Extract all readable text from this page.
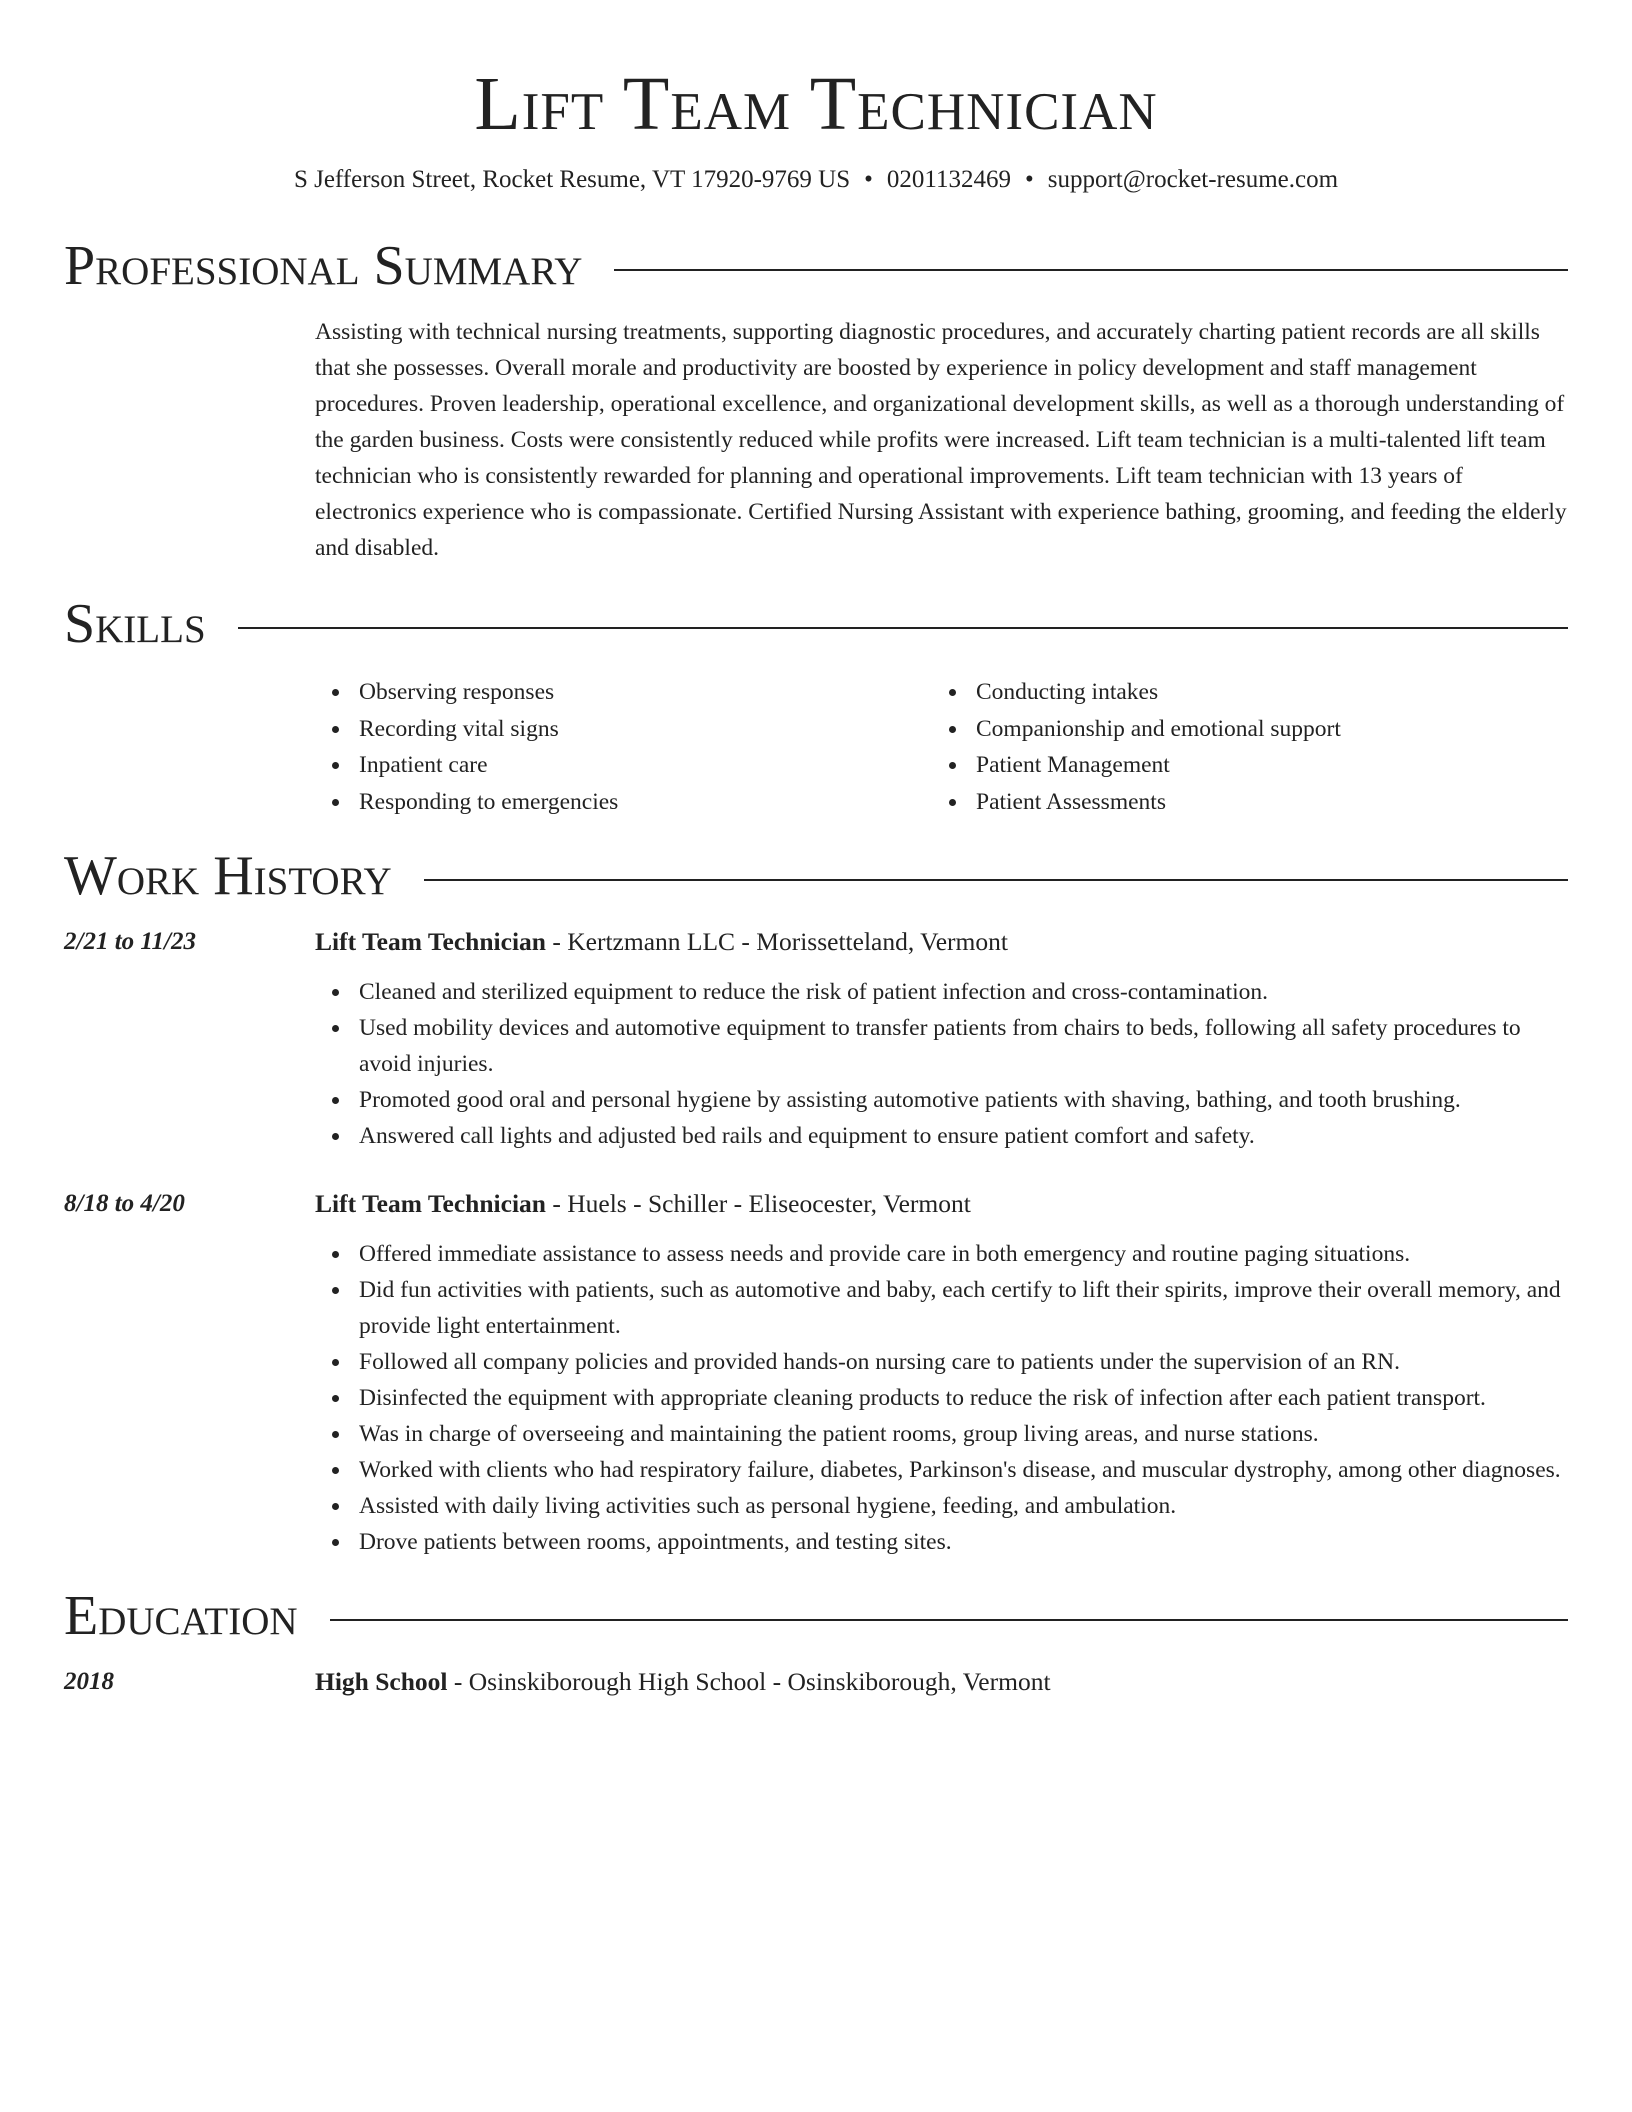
Lift Team Technician
S Jefferson Street, Rocket Resume, VT 17920-9769 US • 0201132469 • support@rocket-resume.com
Professional Summary

Assisting with technical nursing treatments, supporting diagnostic procedures, and accurately charting patient records are all skills that she possesses. Overall morale and productivity are boosted by experience in policy development and staff management procedures. Proven leadership, operational excellence, and organizational development skills, as well as a thorough understanding of the garden business. Costs were consistently reduced while profits were increased. Lift team technician is a multi-talented lift team technician who is consistently rewarded for planning and operational improvements. Lift team technician with 13 years of electronics experience who is compassionate. Certified Nursing Assistant with experience bathing, grooming, and feeding the elderly and disabled.

Skills
Observing responses
Recording vital signs
Inpatient care
Responding to emergencies
Conducting intakes
Companionship and emotional support
Patient Management
Patient Assessments
Work History
2/21 to 11/23	Lift Team Technician - Kertzmann LLC - Morissetteland, Vermont
Cleaned and sterilized equipment to reduce the risk of patient infection and cross-contamination.
Used mobility devices and automotive equipment to transfer patients from chairs to beds, following all safety procedures to avoid injuries.
Promoted good oral and personal hygiene by assisting automotive patients with shaving, bathing, and tooth brushing.
Answered call lights and adjusted bed rails and equipment to ensure patient comfort and safety.
8/18 to 4/20	Lift Team Technician - Huels - Schiller - Eliseocester, Vermont
Offered immediate assistance to assess needs and provide care in both emergency and routine paging situations.
Did fun activities with patients, such as automotive and baby, each certify to lift their spirits, improve their overall memory, and provide light entertainment.
Followed all company policies and provided hands-on nursing care to patients under the supervision of an RN.
Disinfected the equipment with appropriate cleaning products to reduce the risk of infection after each patient transport.
Was in charge of overseeing and maintaining the patient rooms, group living areas, and nurse stations.
Worked with clients who had respiratory failure, diabetes, Parkinson's disease, and muscular dystrophy, among other diagnoses.
Assisted with daily living activities such as personal hygiene, feeding, and ambulation.
Drove patients between rooms, appointments, and testing sites.
Education
2018	High School - Osinskiborough High School - Osinskiborough, Vermont
